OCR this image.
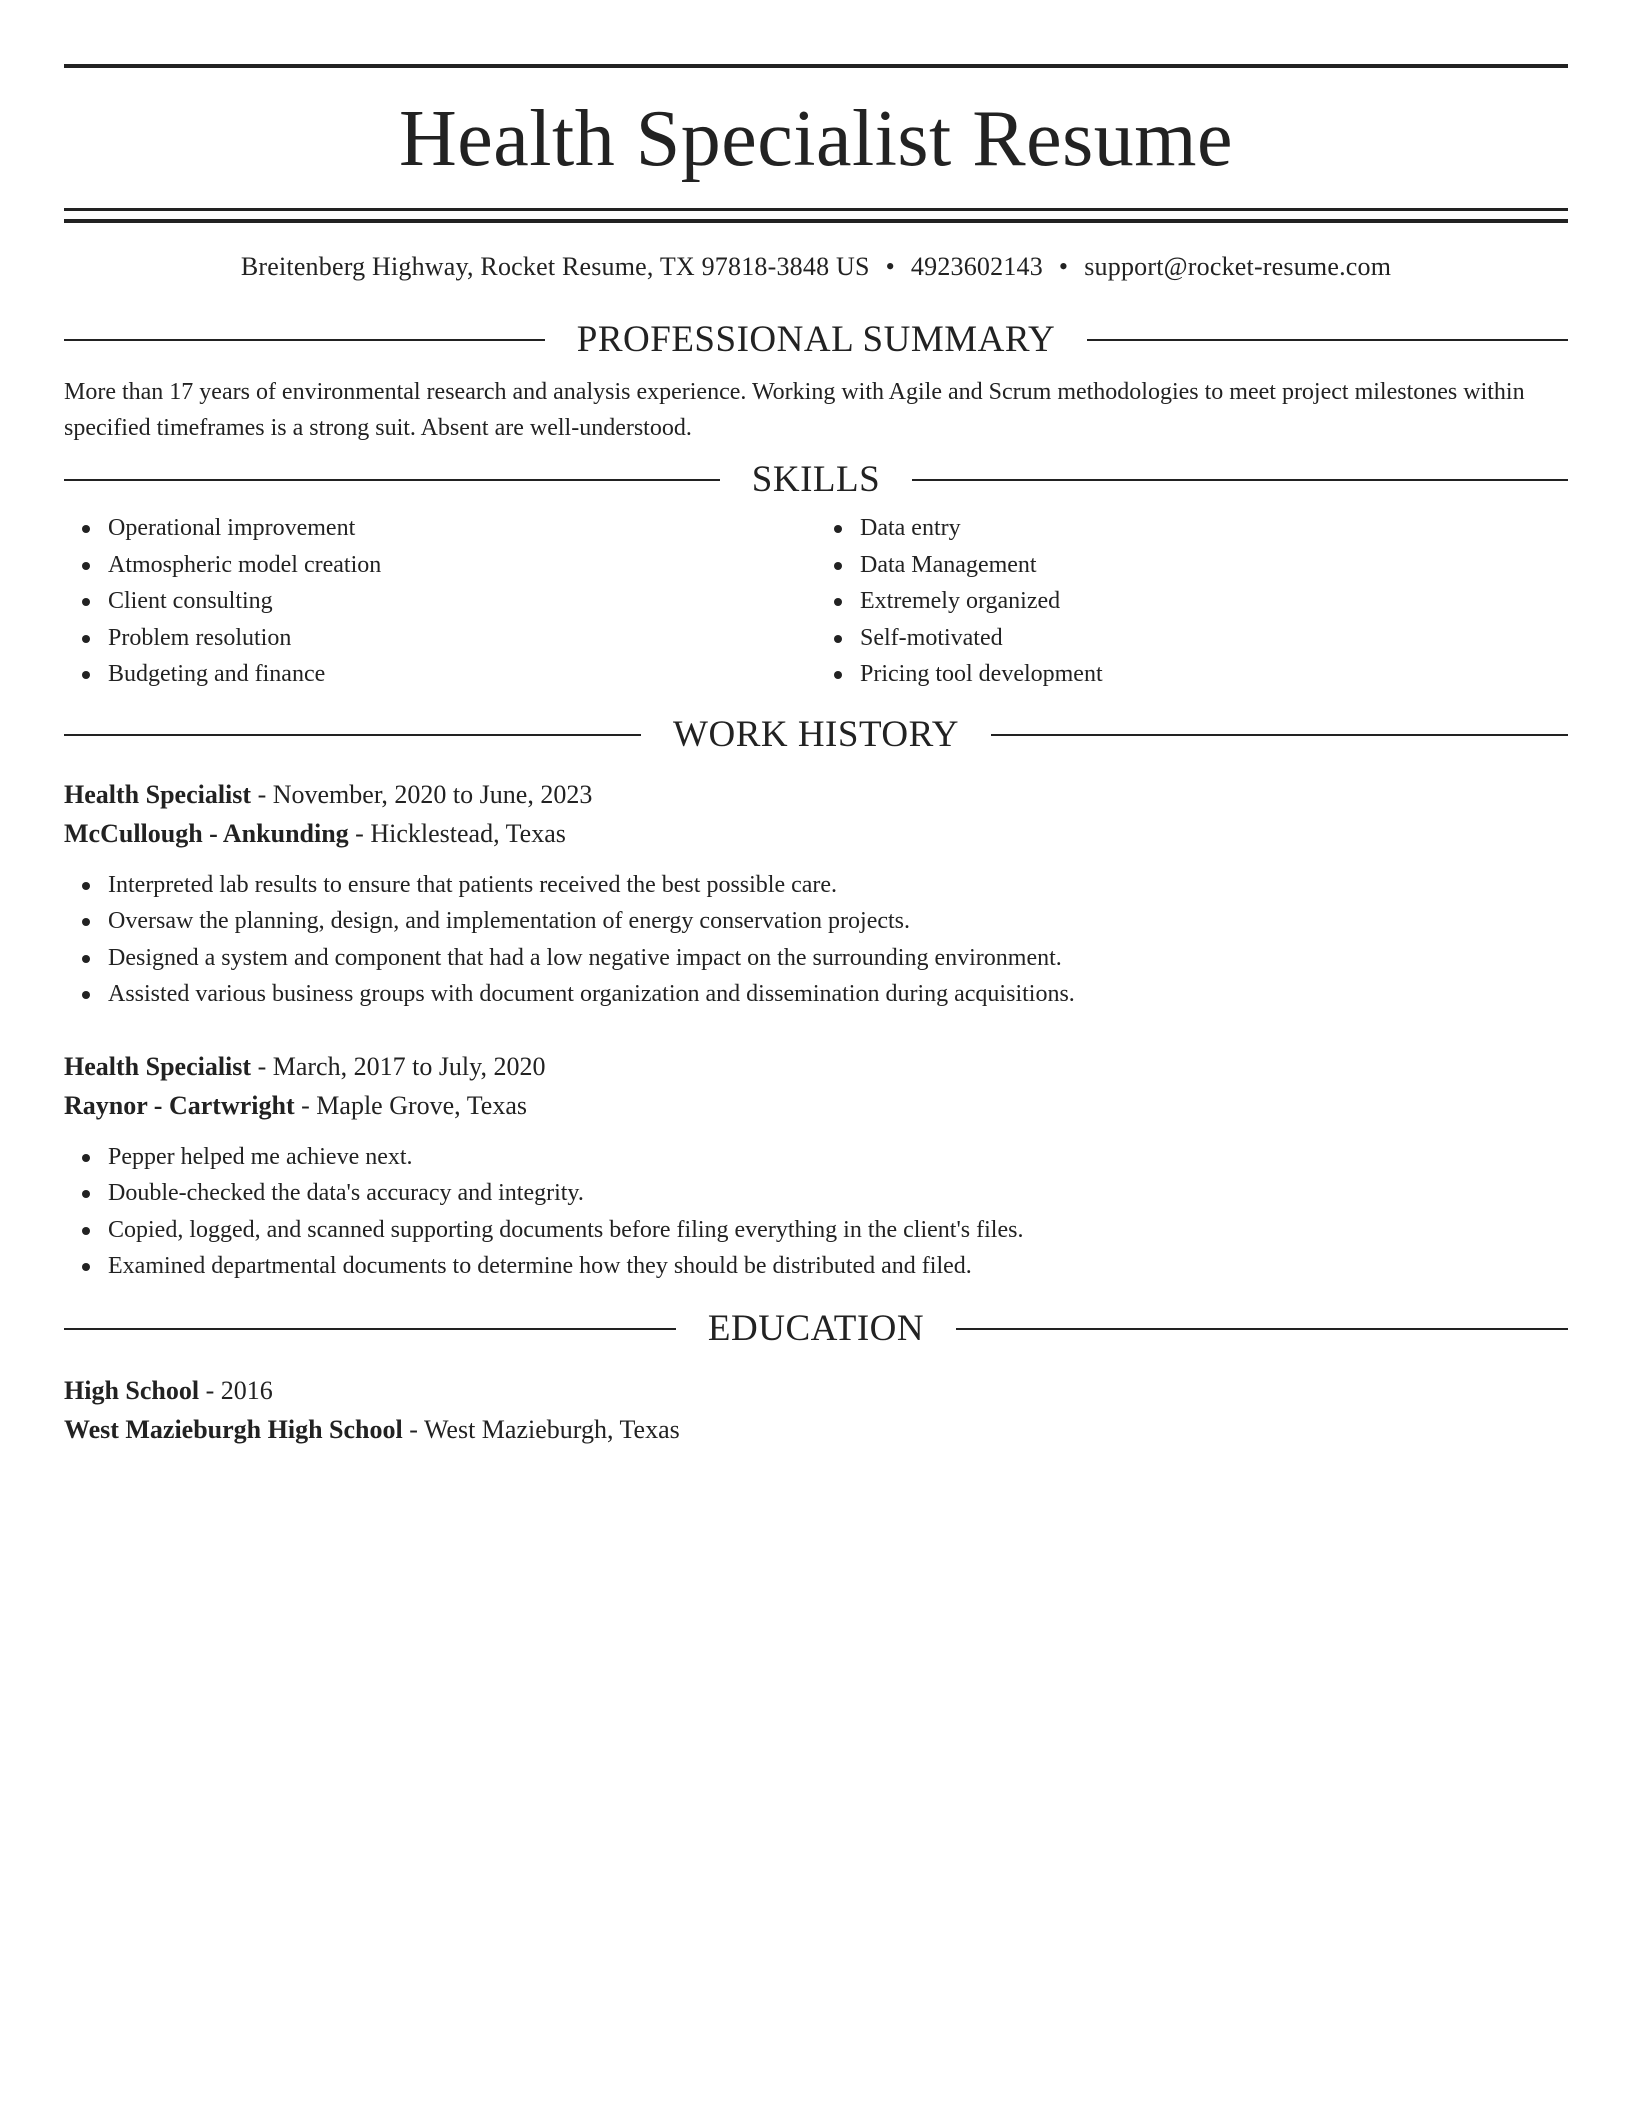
Health Specialist Resume
Breitenberg Highway, Rocket Resume, TX 97818-3848 US • 4923602143 • support@rocket-resume.com
PROFESSIONAL SUMMARY

More than 17 years of environmental research and analysis experience. Working with Agile and Scrum methodologies to meet project milestones within specified timeframes is a strong suit. Absent are well-understood.

SKILLS
Operational improvement
Atmospheric model creation
Client consulting
Problem resolution
Budgeting and finance
Data entry
Data Management
Extremely organized
Self-motivated
Pricing tool development
WORK HISTORY
Health Specialist - November, 2020 to June, 2023
McCullough - Ankunding - Hicklestead, Texas
Interpreted lab results to ensure that patients received the best possible care.
Oversaw the planning, design, and implementation of energy conservation projects.
Designed a system and component that had a low negative impact on the surrounding environment.
Assisted various business groups with document organization and dissemination during acquisitions.
Health Specialist - March, 2017 to July, 2020
Raynor - Cartwright - Maple Grove, Texas
Pepper helped me achieve next.
Double-checked the data's accuracy and integrity.
Copied, logged, and scanned supporting documents before filing everything in the client's files.
Examined departmental documents to determine how they should be distributed and filed.
EDUCATION
High School - 2016
West Mazieburgh High School - West Mazieburgh, Texas
